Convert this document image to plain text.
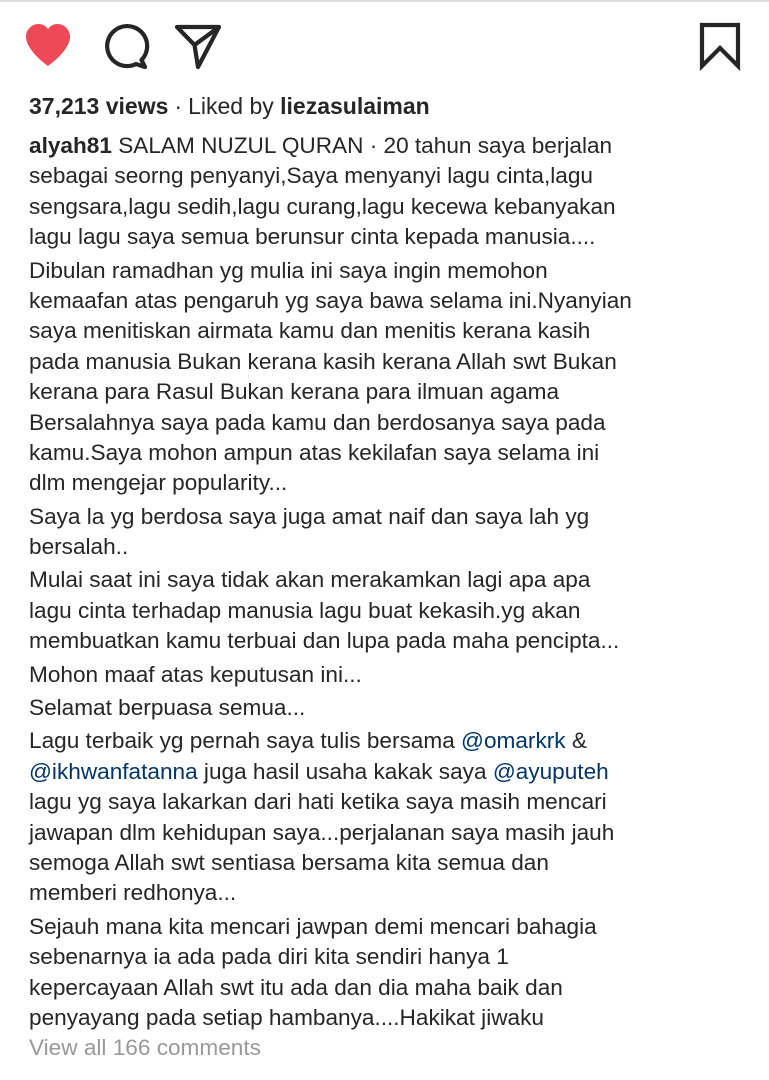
37,213 views · Liked by liezasulaiman
alyah81 SALAM NUZUL QURAN · 20 tahun saya berjalan
sebagai seorng penyanyi,Saya menyanyi lagu cinta,lagu
sengsara,lagu sedih,lagu curang,lagu kecewa kebanyakan
lagu lagu saya semua berunsur cinta kepada manusia....
Dibulan ramadhan yg mulia ini saya ingin memohon
kemaafan atas pengaruh yg saya bawa selama ini.Nyanyian
saya menitiskan airmata kamu dan menitis kerana kasih
pada manusia Bukan kerana kasih kerana Allah swt Bukan
kerana para Rasul Bukan kerana para ilmuan agama
Bersalahnya saya pada kamu dan berdosanya saya pada
kamu.Saya mohon ampun atas kekilafan saya selama ini
dlm mengejar popularity...
Saya la yg berdosa saya juga amat naif dan saya lah yg
bersalah..
Mulai saat ini saya tidak akan merakamkan lagi apa apa
lagu cinta terhadap manusia lagu buat kekasih.yg akan
membuatkan kamu terbuai dan lupa pada maha pencipta...
Mohon maaf atas keputusan ini...
Selamat berpuasa semua...
Lagu terbaik yg pernah saya tulis bersama @omarkrk &
@ikhwanfatanna juga hasil usaha kakak saya @ayuputeh
lagu yg saya lakarkan dari hati ketika saya masih mencari
jawapan dlm kehidupan saya...perjalanan saya masih jauh
semoga Allah swt sentiasa bersama kita semua dan
memberi redhonya...
Sejauh mana kita mencari jawpan demi mencari bahagia
sebenarnya ia ada pada diri kita sendiri hanya 1
kepercayaan Allah swt itu ada dan dia maha baik dan
penyayang pada setiap hambanya....Hakikat jiwaku
View all 166 comments
